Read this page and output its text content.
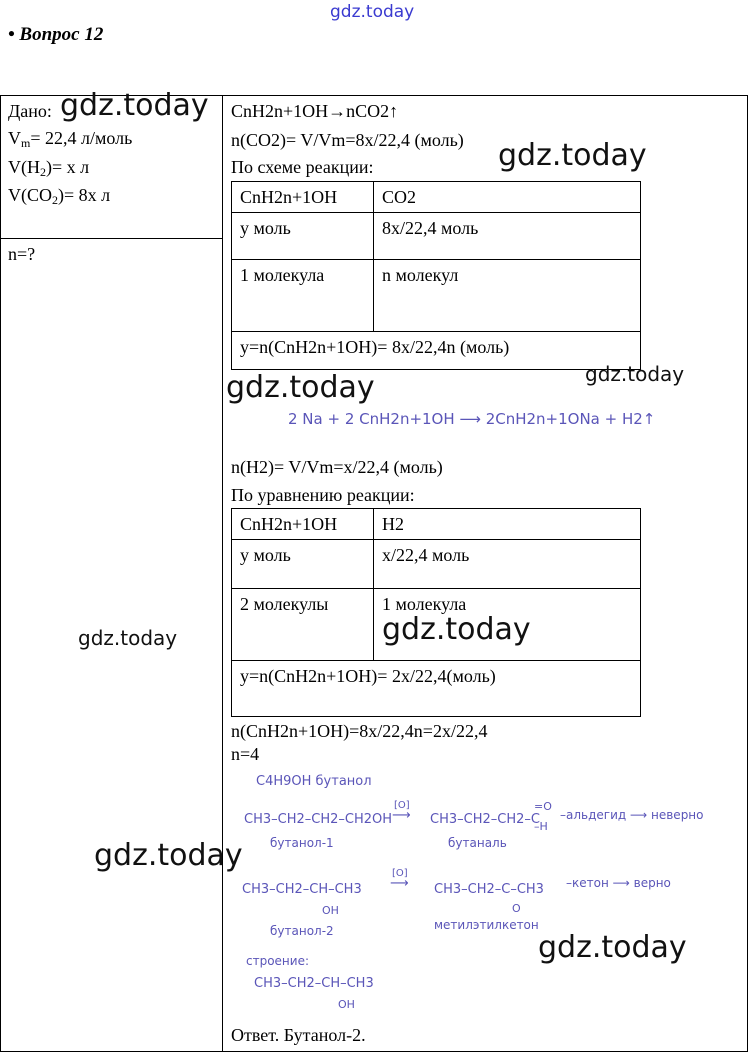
gdz.today
• Вопрос 12
Дано:
$V_m= 22,4$ л/моль
$V(H_2)= x$ л
$V(CO_2)= 8x$ л
n=?
CnH2n+1OH→nCO2↑
n(CO2)= V/Vm=8x/22,4 (моль)
По схеме реакции:
CnH2n+1OH	CO2
y моль	8x/22,4 моль
1 молекула	n молекул
y=n(CnH2n+1OH)= 8x/22,4n (моль)	
2 Na + 2 CnH2n+1OH ⟶ 2CnH2n+1ONa + H2↑
n(H2)= V/Vm=x/22,4 (моль)
По уравнению реакции:
CnH2n+1OH	H2
y моль	x/22,4 моль
2 молекулы	1 молекула
y=n(CnH2n+1OH)= 2x/22,4(моль)	
n(CnH2n+1OH)=8x/22,4n=2x/22,4
n=4
C4H9OH бутанол
CH3–CH2–CH2–CH2OH
[O]
⟶ CH3–CH2–CH2–C
=O
–H
–альдегид ⟶ неверно
бутанол-1	бутаналь
CH3–CH2–CH–CH3
OH
[O]
⟶ CH3–CH2–C–CH3
O
–кетон ⟶ верно
бутанол-2	метилэтилкетон
строение:
CH3–CH2–CH–CH3
OH
Ответ. Бутанол-2.
gdz.today
gdz.today
gdz.today
gdz.today
gdz.today	gdz.today
gdz.today
gdz.today
